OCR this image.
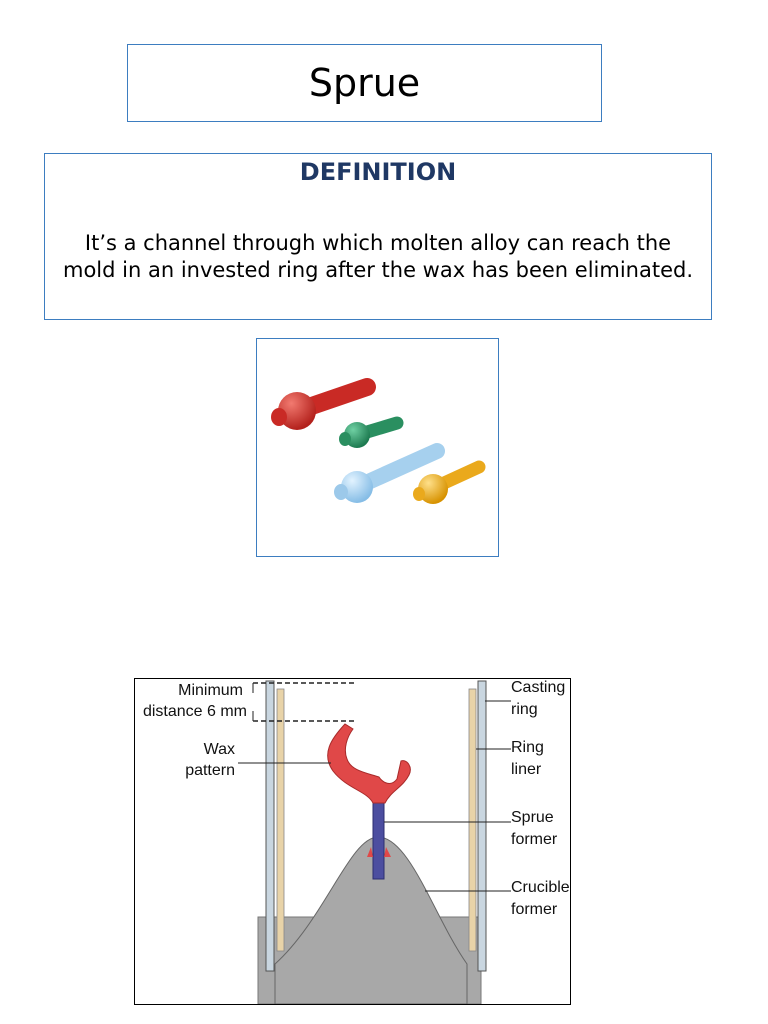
Sprue
DEFINITION
It’s a channel through which molten alloy can reach the mold in an invested ring after the wax has been eliminated.
Minimum
distance 6 mm
Wax
pattern
Casting
ring
Ring
liner
Sprue
former
Crucible
former
